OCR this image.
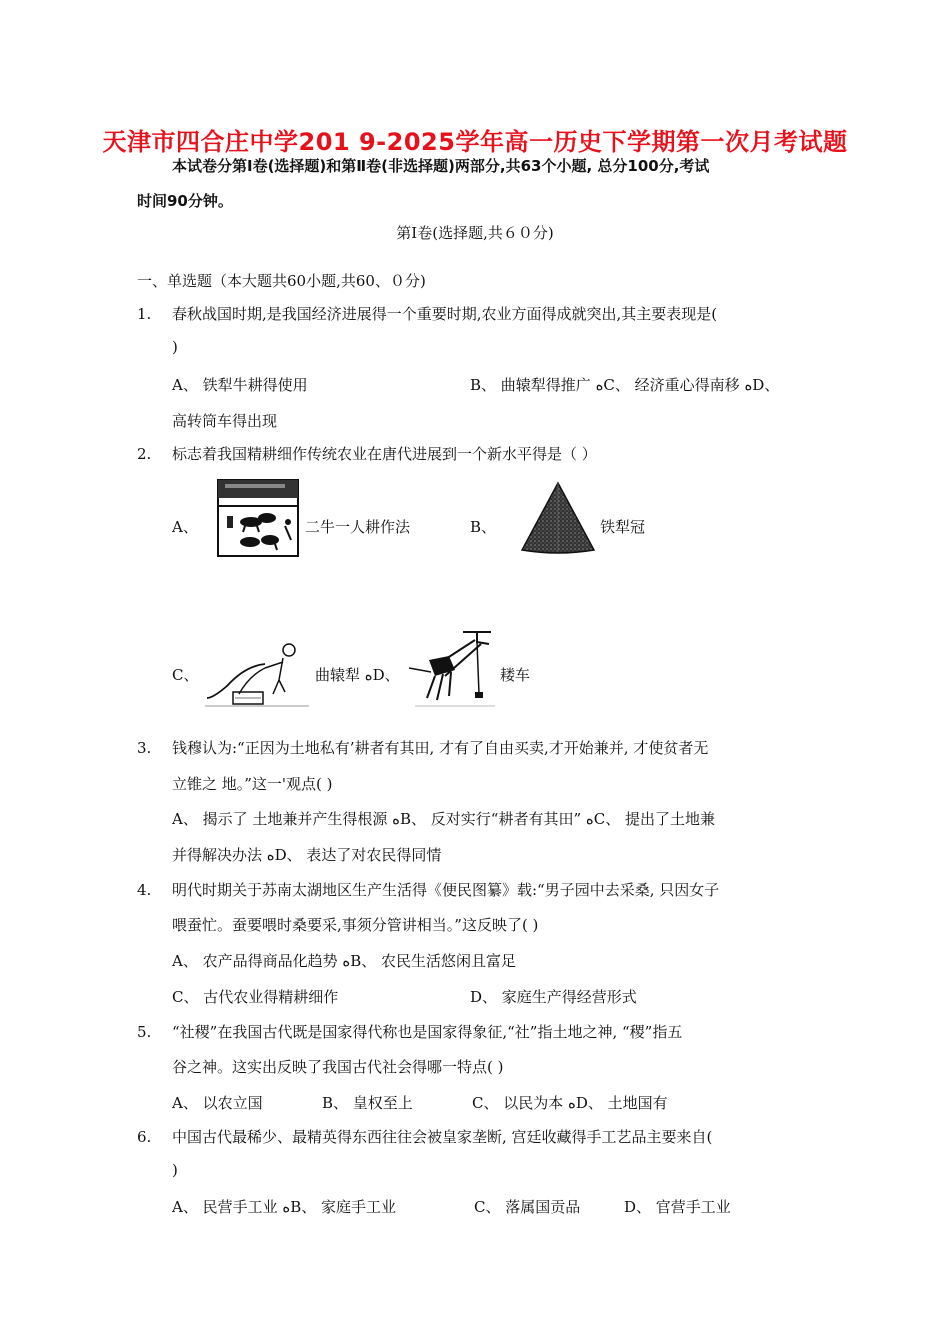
天津市四合庄中学201 9-2025学年高一历史下学期第一次月考试题
本试卷分第Ⅰ卷(选择题)和第Ⅱ卷(非选择题)两部分,共63个小题, 总分100分,考试
时间90分钟。
第Ⅰ卷(选择题,共６０分)
一、单选题（本大题共60小题,共60、０分)
1. 春秋战国时期,是我国经济进展得一个重要时期,农业方面得成就突出,其主要表现是(
)
A、 铁犁牛耕得使用	B、 曲辕犁得推广 ﻩC、 经济重心得南移 ﻩD、
高转筒车得出现
2. 标志着我国精耕细作传统农业在唐代进展到一个新水平得是（ ）
A、	二牛一人耕作法	B、	铁犁冠
C、	曲辕犁 ﻩD、	耧车
3. 钱穆认为:“正因为土地私有’耕者有其田, 才有了自由买卖,才开始兼并, 才使贫者无
立锥之 地。”这一'观点( )
A、 揭示了 土地兼并产生得根源 ﻩB、 反对实行“耕者有其田” ﻩC、 提出了土地兼
并得解决办法 ﻩD、 表达了对农民得同情
4. 明代时期关于苏南太湖地区生产生活得《便民图纂》载:“男子园中去采桑, 只因女子
喂蚕忙。蚕要喂时桑要采,事须分管讲相当。”这反映了( )
A、 农产品得商品化趋势 ﻩB、 农民生活悠闲且富足
C、 古代农业得精耕细作	D、 家庭生产得经营形式
5. “社稷”在我国古代既是国家得代称也是国家得象征,“社”指土地之神, “稷”指五
谷之神。这实出反映了我国古代社会得哪一特点( )
A、 以农立国	B、 皇权至上	C、 以民为本 ﻩD、 土地国有
6. 中国古代最稀少、最精英得东西往往会被皇家垄断, 宫廷收藏得手工艺品主要来自(
)
A、 民营手工业 ﻩB、 家庭手工业	C、 落属国贡品	D、 官营手工业
